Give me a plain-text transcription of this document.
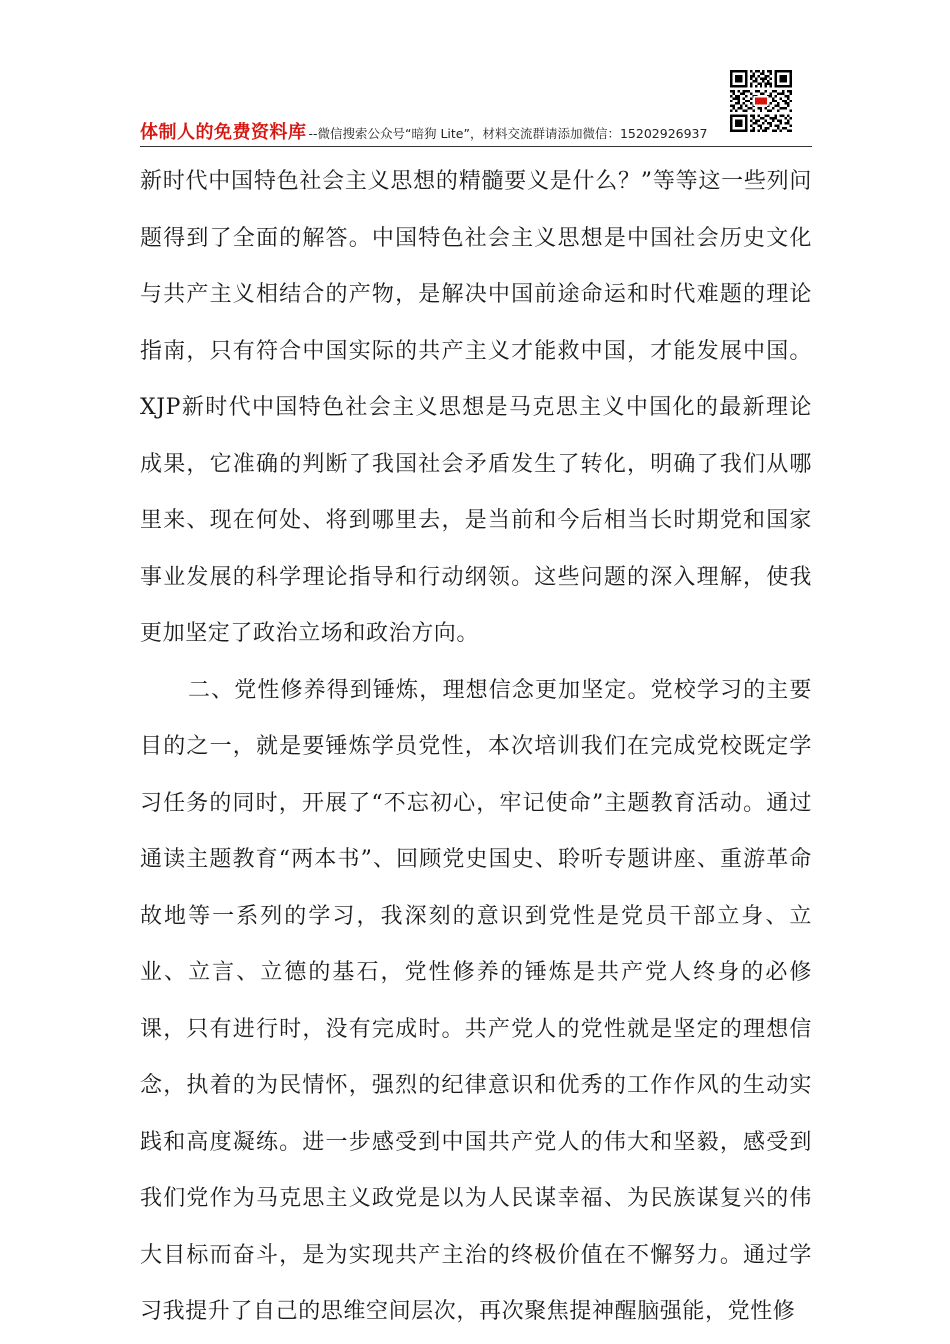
体制人的免费资料库 --微信搜索公众号“暗狗 Lite”，材料交流群请添加微信：15202926937

新时代中国特色社会主义思想的精髓要义是什么？”等等这一些列问题得到了全面的解答。中国特色社会主义思想是中国社会历史文化与共产主义相结合的产物，是解决中国前途命运和时代难题的理论指南，只有符合中国实际的共产主义才能救中国，才能发展中国。XJP新时代中国特色社会主义思想是马克思主义中国化的最新理论成果，它准确的判断了我国社会矛盾发生了转化，明确了我们从哪里来、现在何处、将到哪里去，是当前和今后相当长时期党和国家事业发展的科学理论指导和行动纲领。这些问题的深入理解，使我更加坚定了政治立场和政治方向。

二、党性修养得到锤炼，理想信念更加坚定。党校学习的主要目的之一，就是要锤炼学员党性，本次培训我们在完成党校既定学习任务的同时，开展了“不忘初心，牢记使命”主题教育活动。通过通读主题教育“两本书”、回顾党史国史、聆听专题讲座、重游革命故地等一系列的学习，我深刻的意识到党性是党员干部立身、立业、立言、立德的基石，党性修养的锤炼是共产党人终身的必修课，只有进行时，没有完成时。共产党人的党性就是坚定的理想信念，执着的为民情怀，强烈的纪律意识和优秀的工作作风的生动实践和高度凝练。进一步感受到中国共产党人的伟大和坚毅，感受到我们党作为马克思主义政党是以为人民谋幸福、为民族谋复兴的伟大目标而奋斗，是为实现共产主治的终极价值在不懈努力。通过学习我提升了自己的思维空间层次，再次聚焦提神醒脑强能，党性修
